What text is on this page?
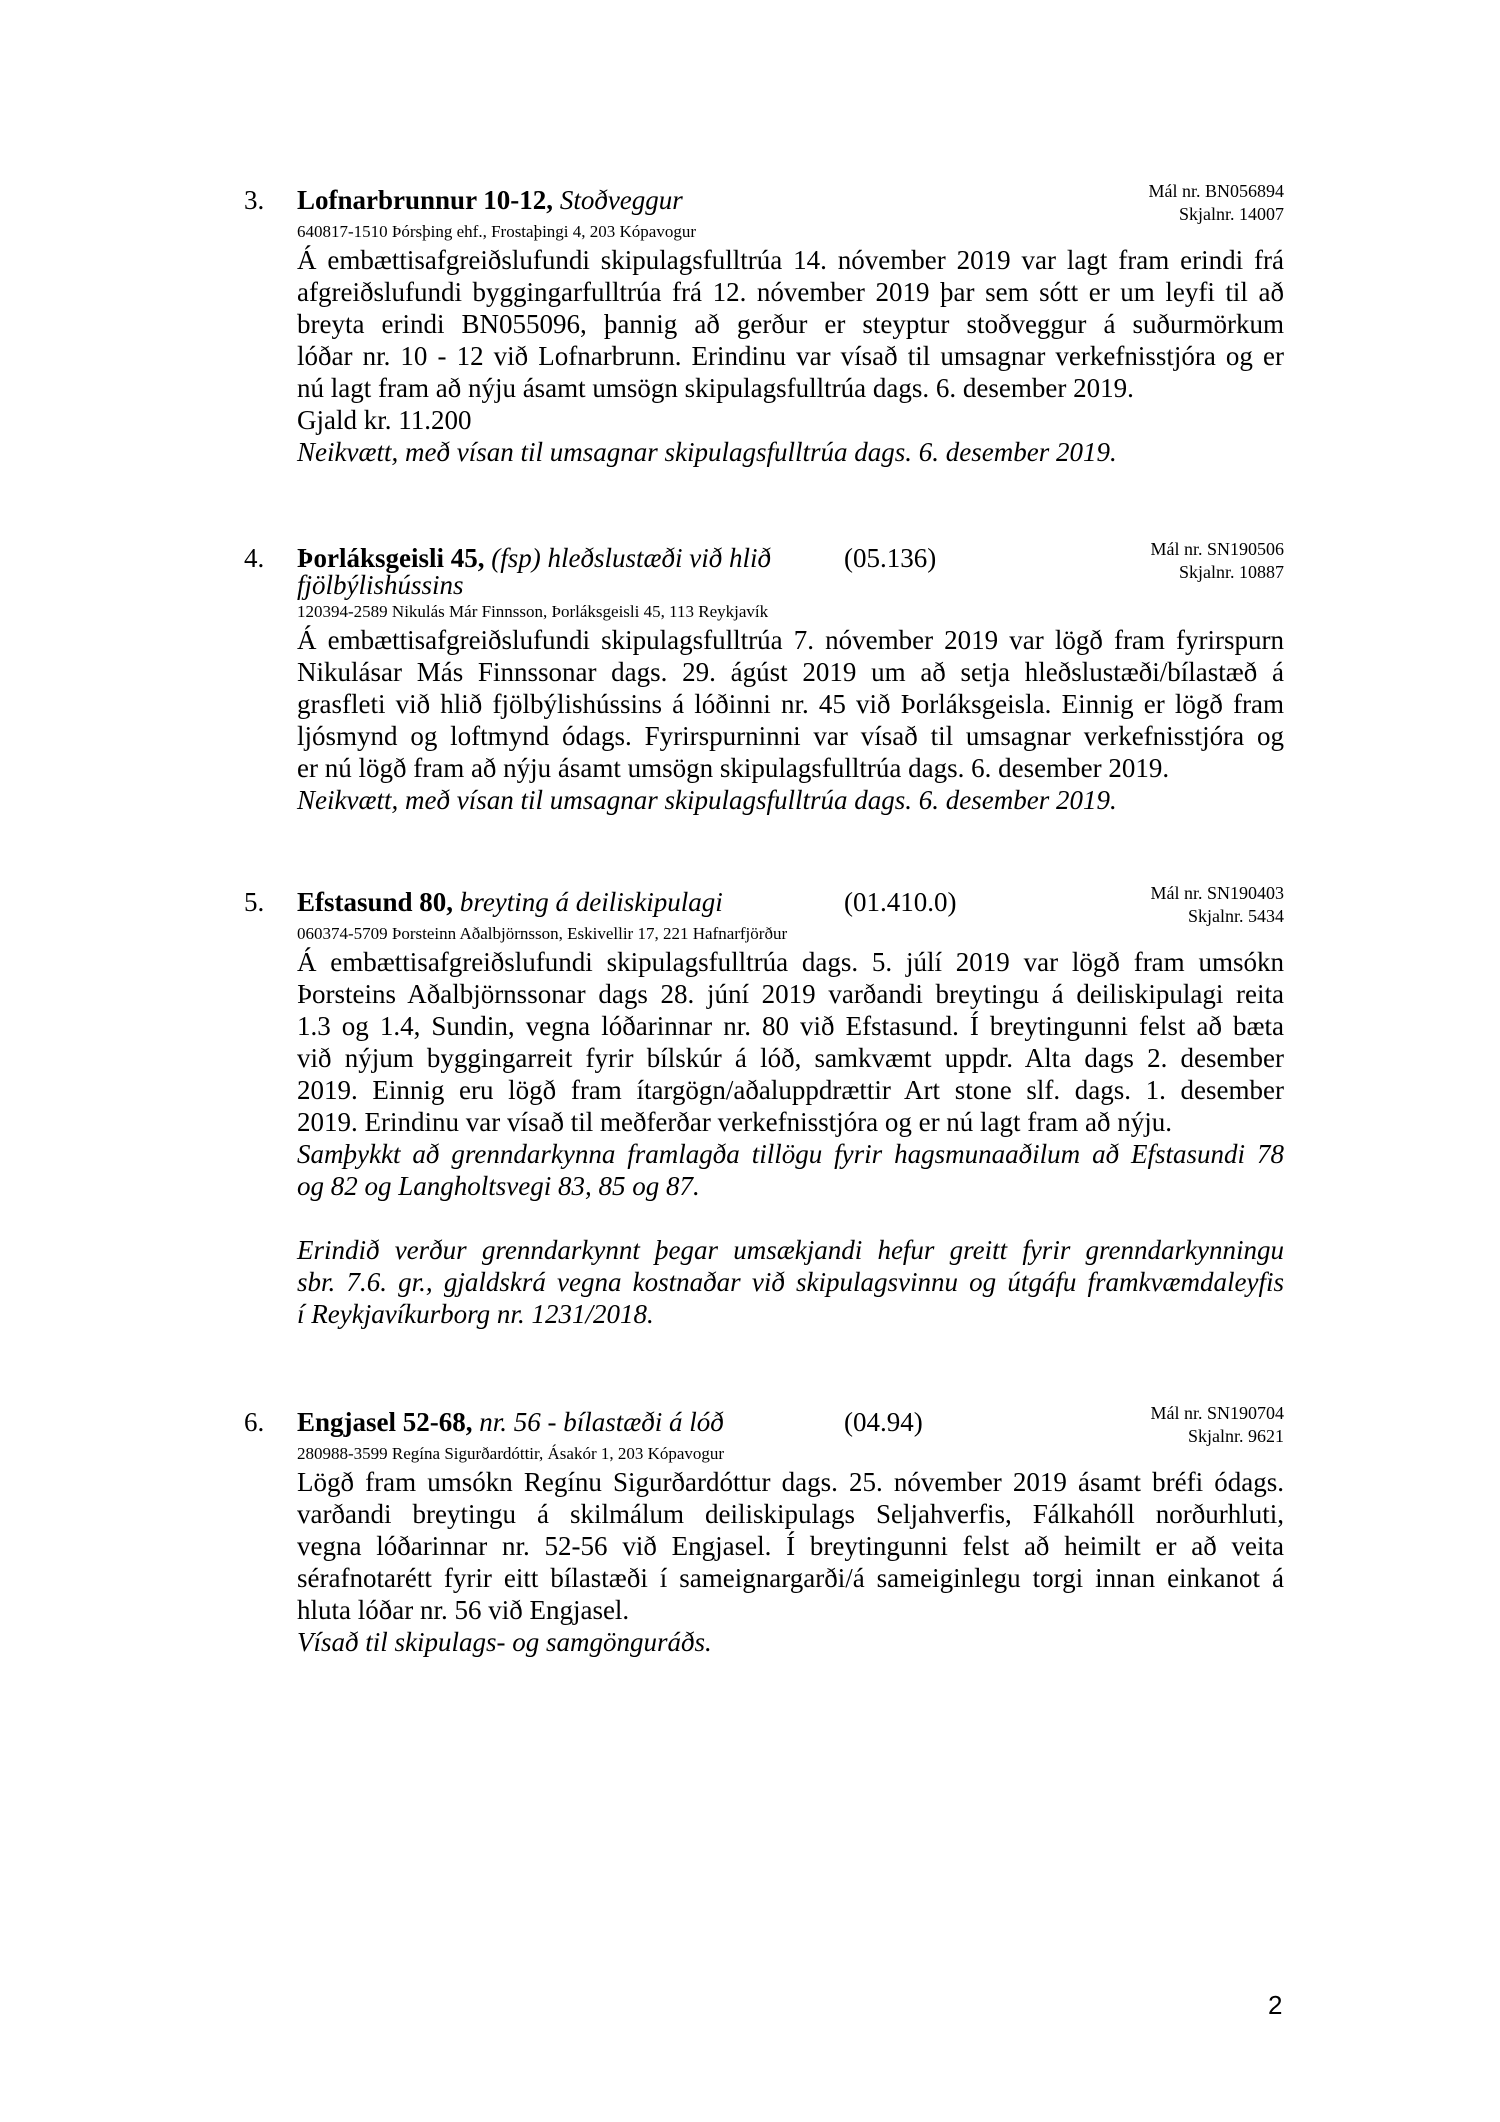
3. Lofnarbrunnur 10-12, Stoðveggur	Mál nr. BN056894
Skjalnr. 14007
640817-1510 Þórsþing ehf., Frostaþingi 4, 203 Kópavogur
Á embættisafgreiðslufundi skipulagsfulltrúa 14. nóvember 2019 var lagt fram erindi frá
afgreiðslufundi byggingarfulltrúa frá 12. nóvember 2019 þar sem sótt er um leyfi til að
breyta erindi BN055096, þannig að gerður er steyptur stoðveggur á suðurmörkum
lóðar nr. 10 - 12 við Lofnarbrunn. Erindinu var vísað til umsagnar verkefnisstjóra og er
nú lagt fram að nýju ásamt umsögn skipulagsfulltrúa dags. 6. desember 2019.
Gjald kr. 11.200
Neikvætt, með vísan til umsagnar skipulagsfulltrúa dags. 6. desember 2019.
4. Þorláksgeisli 45, (fsp) hleðslustæði við hlið	(05.136)	Mál nr. SN190506
Skjalnr. 10887
fjölbýlishússins
120394-2589 Nikulás Már Finnsson, Þorláksgeisli 45, 113 Reykjavík
Á embættisafgreiðslufundi skipulagsfulltrúa 7. nóvember 2019 var lögð fram fyrirspurn
Nikulásar Más Finnssonar dags. 29. ágúst 2019 um að setja hleðslustæði/bílastæð á
grasfleti við hlið fjölbýlishússins á lóðinni nr. 45 við Þorláksgeisla. Einnig er lögð fram
ljósmynd og loftmynd ódags. Fyrirspurninni var vísað til umsagnar verkefnisstjóra og
er nú lögð fram að nýju ásamt umsögn skipulagsfulltrúa dags. 6. desember 2019.
Neikvætt, með vísan til umsagnar skipulagsfulltrúa dags. 6. desember 2019.
5. Efstasund 80, breyting á deiliskipulagi	(01.410.0)	Mál nr. SN190403
Skjalnr. 5434
060374-5709 Þorsteinn Aðalbjörnsson, Eskivellir 17, 221 Hafnarfjörður
Á embættisafgreiðslufundi skipulagsfulltrúa dags. 5. júlí 2019 var lögð fram umsókn
Þorsteins Aðalbjörnssonar dags 28. júní 2019 varðandi breytingu á deiliskipulagi reita
1.3 og 1.4, Sundin, vegna lóðarinnar nr. 80 við Efstasund. Í breytingunni felst að bæta
við nýjum byggingarreit fyrir bílskúr á lóð, samkvæmt uppdr. Alta dags 2. desember
2019. Einnig eru lögð fram ítargögn/aðaluppdrættir Art stone slf. dags. 1. desember
2019. Erindinu var vísað til meðferðar verkefnisstjóra og er nú lagt fram að nýju.
Samþykkt að grenndarkynna framlagða tillögu fyrir hagsmunaaðilum að Efstasundi 78
og 82 og Langholtsvegi 83, 85 og 87.
Erindið verður grenndarkynnt þegar umsækjandi hefur greitt fyrir grenndarkynningu
sbr. 7.6. gr., gjaldskrá vegna kostnaðar við skipulagsvinnu og útgáfu framkvæmdaleyfis
í Reykjavíkurborg nr. 1231/2018.
6. Engjasel 52-68, nr. 56 - bílastæði á lóð	(04.94)	Mál nr. SN190704
Skjalnr. 9621
280988-3599 Regína Sigurðardóttir, Ásakór 1, 203 Kópavogur
Lögð fram umsókn Regínu Sigurðardóttur dags. 25. nóvember 2019 ásamt bréfi ódags.
varðandi breytingu á skilmálum deiliskipulags Seljahverfis, Fálkahóll norðurhluti,
vegna lóðarinnar nr. 52-56 við Engjasel. Í breytingunni felst að heimilt er að veita
sérafnotarétt fyrir eitt bílastæði í sameignargarði/á sameiginlegu torgi innan einkanot á
hluta lóðar nr. 56 við Engjasel.
Vísað til skipulags- og samgönguráðs.
2
